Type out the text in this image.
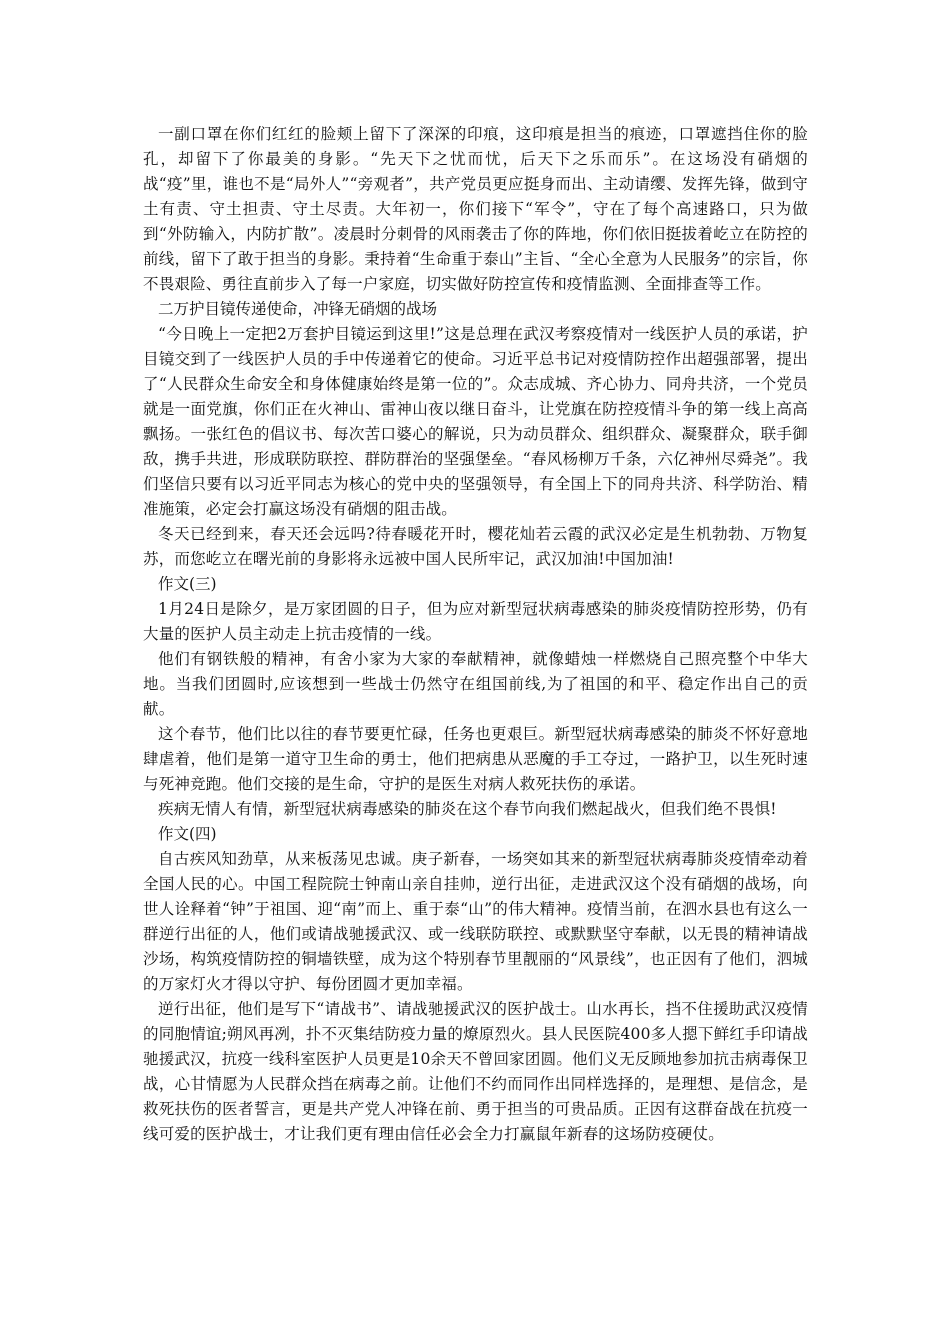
一副口罩在你们红红的脸颊上留下了深深的印痕，这印痕是担当的痕迹，口罩遮挡住你的脸孔，却留下了你最美的身影。“先天下之忧而忧，后天下之乐而乐”。在这场没有硝烟的战“疫”里，谁也不是“局外人”“旁观者”，共产党员更应挺身而出、主动请缨、发挥先锋，做到守土有责、守土担责、守土尽责。大年初一，你们接下“军令”，守在了每个高速路口，只为做到“外防输入，内防扩散”。凌晨时分刺骨的风雨袭击了你的阵地，你们依旧挺拔着屹立在防控的前线，留下了敢于担当的身影。秉持着“生命重于泰山”主旨、“全心全意为人民服务”的宗旨，你不畏艰险、勇往直前步入了每一户家庭，切实做好防控宣传和疫情监测、全面排查等工作。

二万护目镜传递使命，冲锋无硝烟的战场

“今日晚上一定把2万套护目镜运到这里!”这是总理在武汉考察疫情对一线医护人员的承诺，护目镜交到了一线医护人员的手中传递着它的使命。习近平总书记对疫情防控作出超强部署，提出了“人民群众生命安全和身体健康始终是第一位的”。众志成城、齐心协力、同舟共济，一个党员就是一面党旗，你们正在火神山、雷神山夜以继日奋斗，让党旗在防控疫情斗争的第一线上高高飘扬。一张红色的倡议书、每次苦口婆心的解说，只为动员群众、组织群众、凝聚群众，联手御敌，携手共进，形成联防联控、群防群治的坚强堡垒。“春风杨柳万千条，六亿神州尽舜尧”。我们坚信只要有以习近平同志为核心的党中央的坚强领导，有全国上下的同舟共济、科学防治、精准施策，必定会打赢这场没有硝烟的阻击战。

冬天已经到来，春天还会远吗?待春暖花开时，樱花灿若云霞的武汉必定是生机勃勃、万物复苏，而您屹立在曙光前的身影将永远被中国人民所牢记，武汉加油!中国加油!

作文(三)

1月24日是除夕，是万家团圆的日子，但为应对新型冠状病毒感染的肺炎疫情防控形势，仍有大量的医护人员主动走上抗击疫情的一线。

他们有钢铁般的精神，有舍小家为大家的奉献精神，就像蜡烛一样燃烧自己照亮整个中华大地。当我们团圆时,应该想到一些战士仍然守在组国前线,为了祖国的和平、稳定作出自己的贡献。

这个春节，他们比以往的春节要更忙碌，任务也更艰巨。新型冠状病毒感染的肺炎不怀好意地肆虐着，他们是第一道守卫生命的勇士，他们把病患从恶魔的手工夺过，一路护卫，以生死时速与死神竞跑。他们交接的是生命，守护的是医生对病人救死扶伤的承诺。

疾病无情人有情，新型冠状病毒感染的肺炎在这个春节向我们燃起战火，但我们绝不畏惧!

作文(四)

自古疾风知劲草，从来板荡见忠诚。庚子新春，一场突如其来的新型冠状病毒肺炎疫情牵动着全国人民的心。中国工程院院士钟南山亲自挂帅，逆行出征，走进武汉这个没有硝烟的战场，向世人诠释着“钟”于祖国、迎“南”而上、重于泰“山”的伟大精神。疫情当前，在泗水县也有这么一群逆行出征的人，他们或请战驰援武汉、或一线联防联控、或默默坚守奉献，以无畏的精神请战沙场，构筑疫情防控的铜墙铁壁，成为这个特别春节里靓丽的“风景线”，也正因有了他们，泗城的万家灯火才得以守护、每份团圆才更加幸福。

逆行出征，他们是写下“请战书”、请战驰援武汉的医护战士。山水再长，挡不住援助武汉疫情的同胞情谊;朔风再冽，扑不灭集结防疫力量的燎原烈火。县人民医院400多人摁下鲜红手印请战驰援武汉，抗疫一线科室医护人员更是10余天不曾回家团圆。他们义无反顾地参加抗击病毒保卫战，心甘情愿为人民群众挡在病毒之前。让他们不约而同作出同样选择的，是理想、是信念，是救死扶伤的医者誓言，更是共产党人冲锋在前、勇于担当的可贵品质。正因有这群奋战在抗疫一线可爱的医护战士，才让我们更有理由信任必会全力打赢鼠年新春的这场防疫硬仗。
